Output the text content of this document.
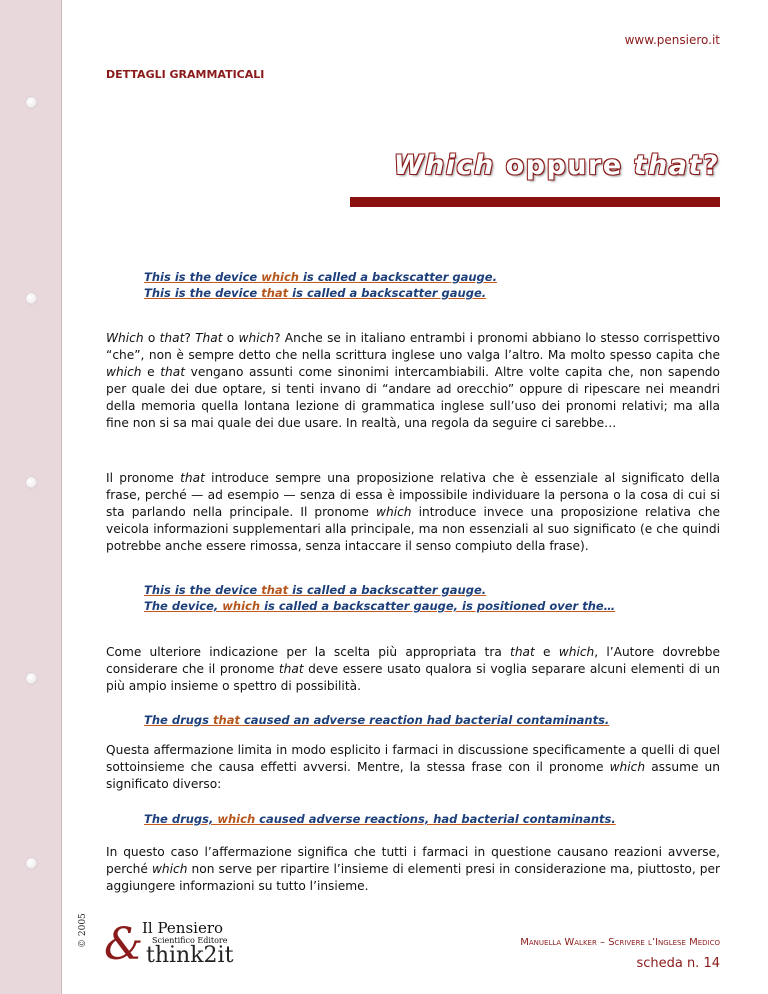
www.pensiero.it
DETTAGLI GRAMMATICALI
Which oppure that?
This is the device which is called a backscatter gauge.
This is the device that is called a backscatter gauge.
Which o that? That o which? Anche se in italiano entrambi i pronomi abbiano lo stesso corrispettivo “che”, non è sempre detto che nella scrittura inglese uno valga l’altro. Ma molto spesso capita che which e that vengano assunti come sinonimi intercambiabili. Altre volte capita che, non sapendo per quale dei due optare, si tenti invano di “andare ad orecchio” oppure di ripescare nei meandri della memoria quella lontana lezione di grammatica inglese sull’uso dei pronomi relativi; ma alla fine non si sa mai quale dei due usare. In realtà, una regola da seguire ci sarebbe…
Il pronome that introduce sempre una proposizione relativa che è essenziale al significato della frase, perché — ad esempio — senza di essa è impossibile individuare la persona o la cosa di cui si sta parlando nella principale. Il pronome which introduce invece una proposizione relativa che veicola informazioni supplementari alla principale, ma non essenziali al suo significato (e che quindi potrebbe anche essere rimossa, senza intaccare il senso compiuto della frase).
This is the device that is called a backscatter gauge.
The device, which is called a backscatter gauge, is positioned over the…
Come ulteriore indicazione per la scelta più appropriata tra that e which, l’Autore dovrebbe considerare che il pronome that deve essere usato qualora si voglia separare alcuni elementi di un più ampio insieme o spettro di possibilità.
The drugs that caused an adverse reaction had bacterial contaminants.
Questa affermazione limita in modo esplicito i farmaci in discussione specificamente a quelli di quel sottoinsieme che causa effetti avversi. Mentre, la stessa frase con il pronome which assume un significato diverso:
The drugs, which caused adverse reactions, had bacterial contaminants.
In questo caso l’affermazione significa che tutti i farmaci in questione causano reazioni avverse, perché which non serve per ripartire l’insieme di elementi presi in considerazione ma, piuttosto, per aggiungere informazioni su tutto l’insieme.
© 2005 &
Il Pensiero
Scientifico Editore
think2it
Manuella Walker – Scrivere l’Inglese Medico
scheda n. 14
